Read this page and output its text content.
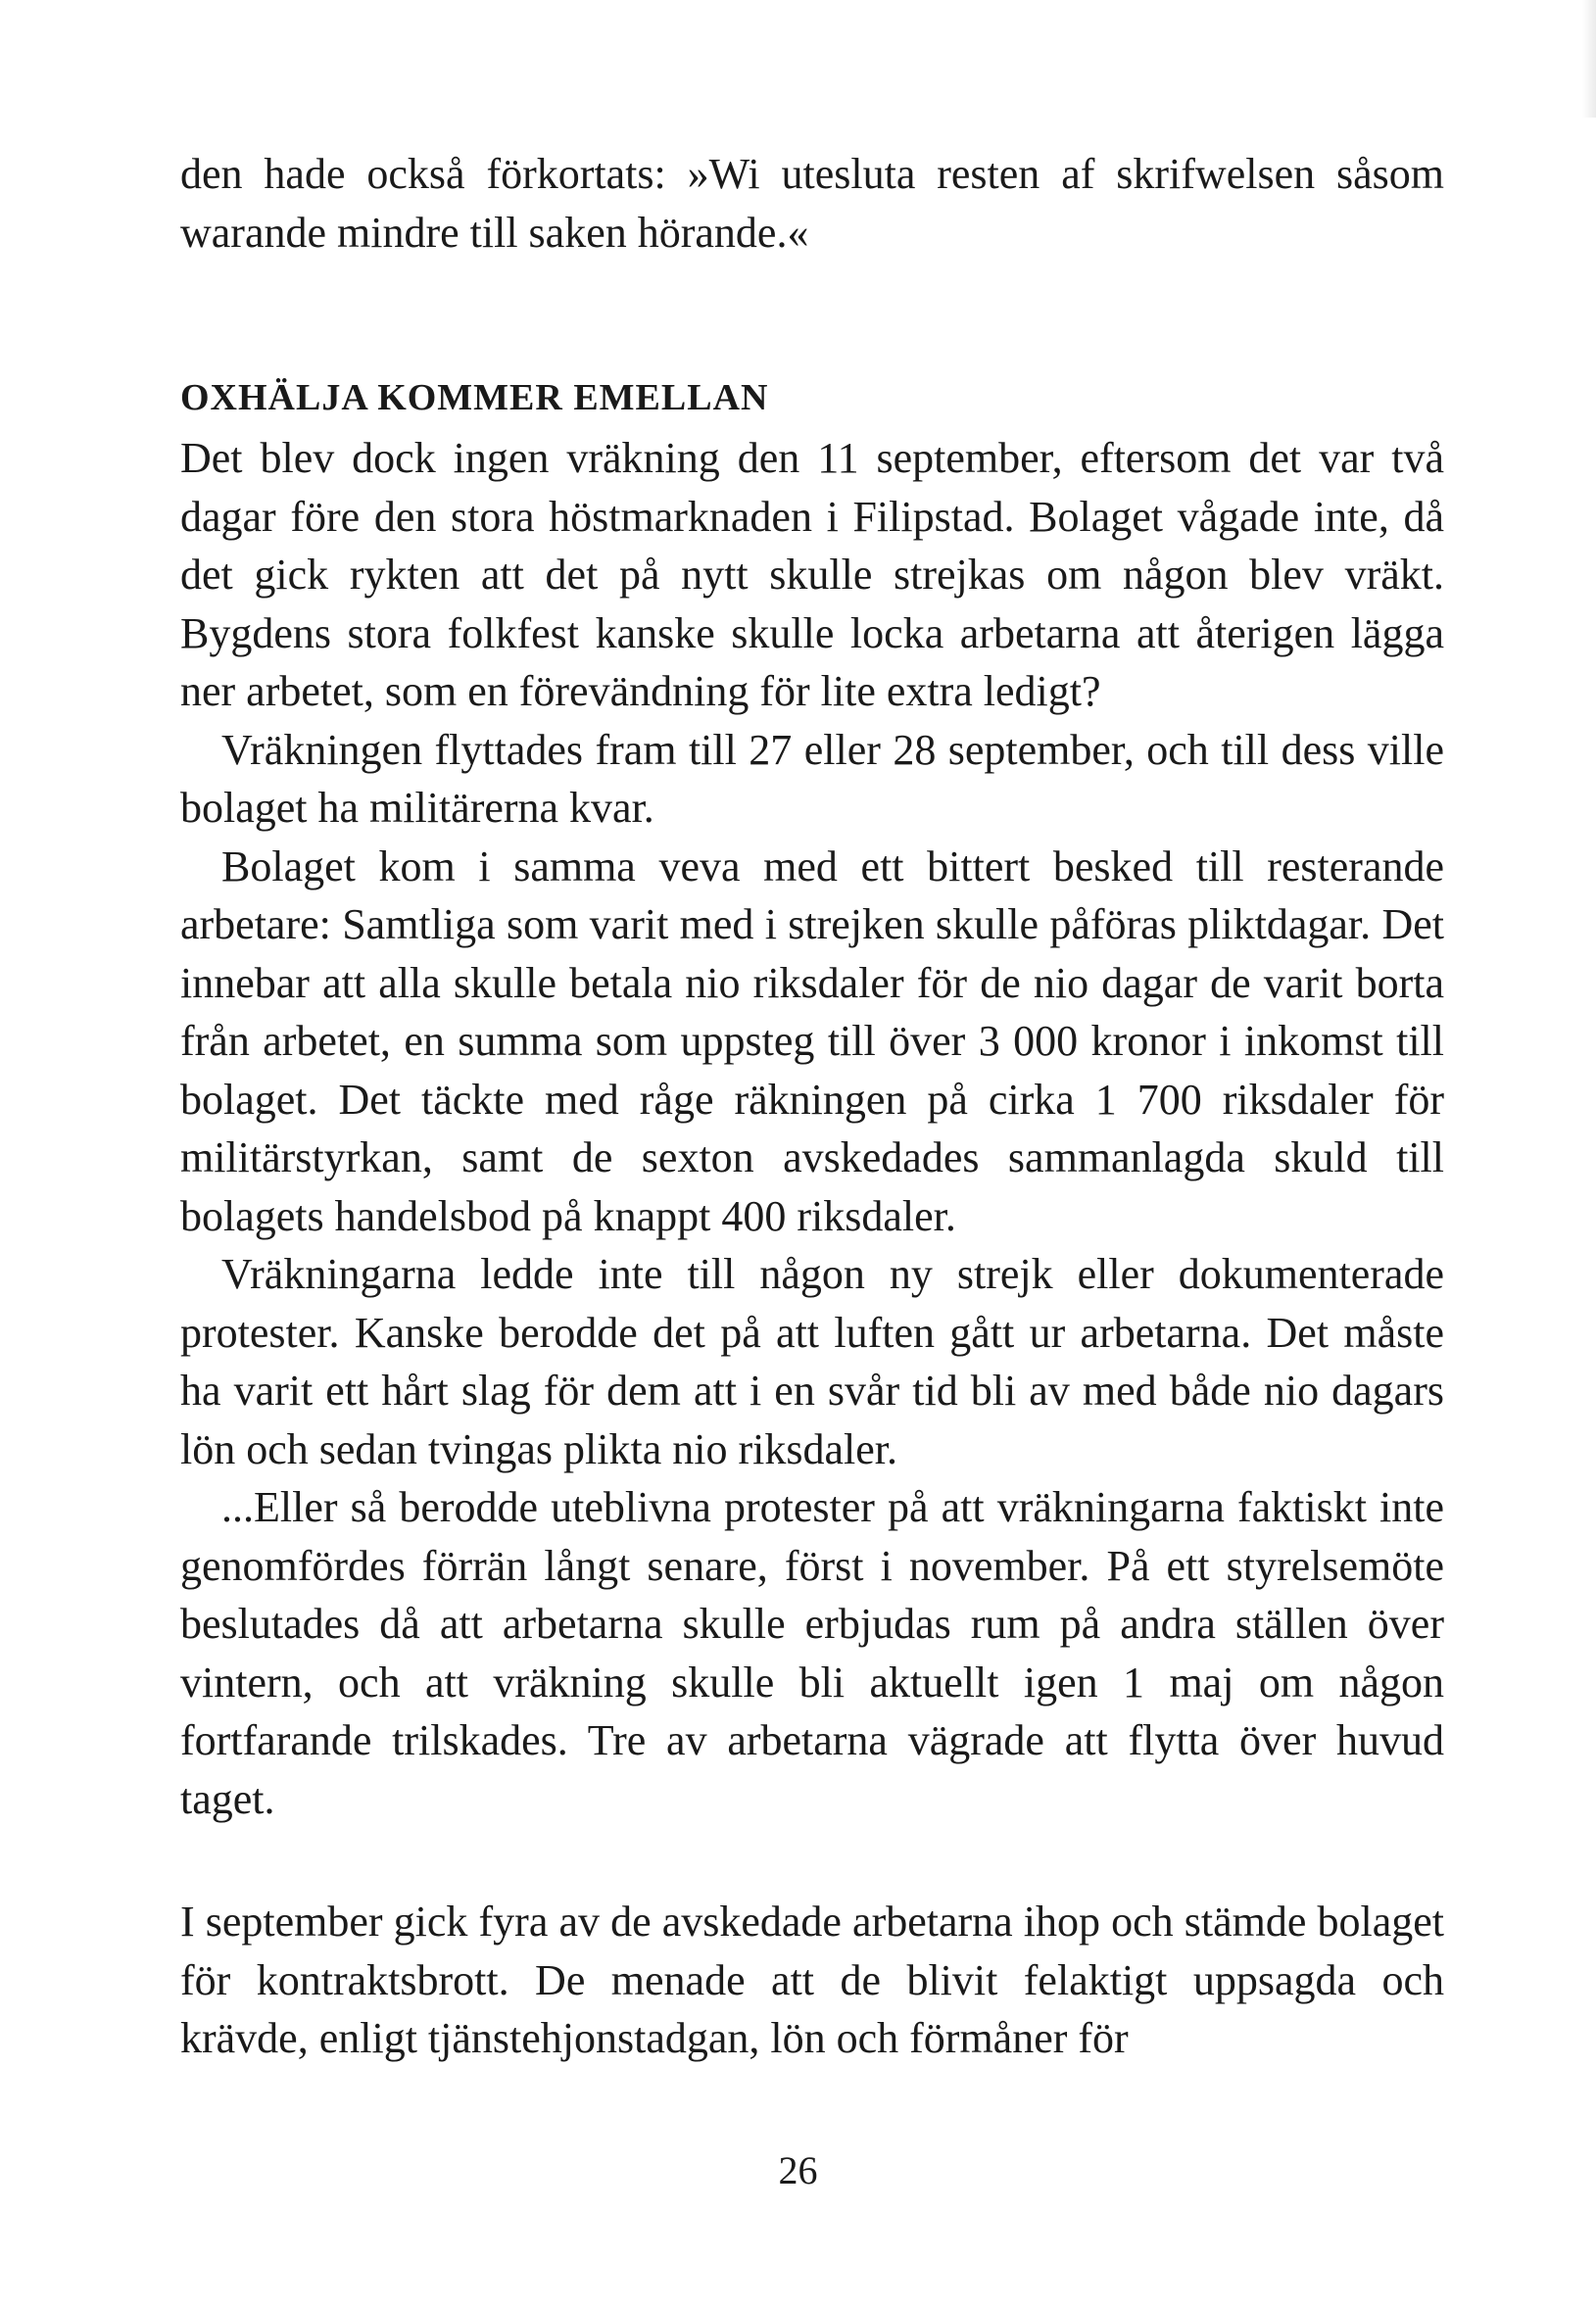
den hade också förkortats: »Wi utesluta resten af skrifwelsen såsom warande mindre till saken hörande.«

OXHÄLJA KOMMER EMELLAN

Det blev dock ingen vräkning den 11 september, eftersom det var två dagar före den stora höstmarknaden i Filipstad. Bolaget vågade inte, då det gick rykten att det på nytt skulle strejkas om någon blev vräkt. Bygdens stora folkfest kanske skulle locka arbetarna att återigen lägga ner arbetet, som en förevändning för lite extra ledigt?

Vräkningen flyttades fram till 27 eller 28 september, och till dess ville bolaget ha militärerna kvar.

Bolaget kom i samma veva med ett bittert besked till resterande arbetare: Samtliga som varit med i strejken skulle påföras pliktdagar. Det innebar att alla skulle betala nio riksdaler för de nio dagar de varit borta från arbetet, en summa som uppsteg till över 3 000 kronor i inkomst till bolaget. Det täckte med råge räkningen på cirka 1 700 riksdaler för militärstyrkan, samt de sexton avskedades sammanlagda skuld till bolagets handelsbod på knappt 400 riksdaler.

Vräkningarna ledde inte till någon ny strejk eller dokumenterade protester. Kanske berodde det på att luften gått ur arbetarna. Det måste ha varit ett hårt slag för dem att i en svår tid bli av med både nio dagars lön och sedan tvingas plikta nio riksdaler.

...Eller så berodde uteblivna protester på att vräkningarna faktiskt inte genomfördes förrän långt senare, först i november. På ett styrelsemöte beslutades då att arbetarna skulle erbjudas rum på andra ställen över vintern, och att vräkning skulle bli aktuellt igen 1 maj om någon fortfarande trilskades. Tre av arbetarna vägrade att flytta över huvud taget.

I september gick fyra av de avskedade arbetarna ihop och stämde bolaget för kontraktsbrott. De menade att de blivit felaktigt uppsagda och krävde, enligt tjänstehjonstadgan, lön och förmåner för

26
